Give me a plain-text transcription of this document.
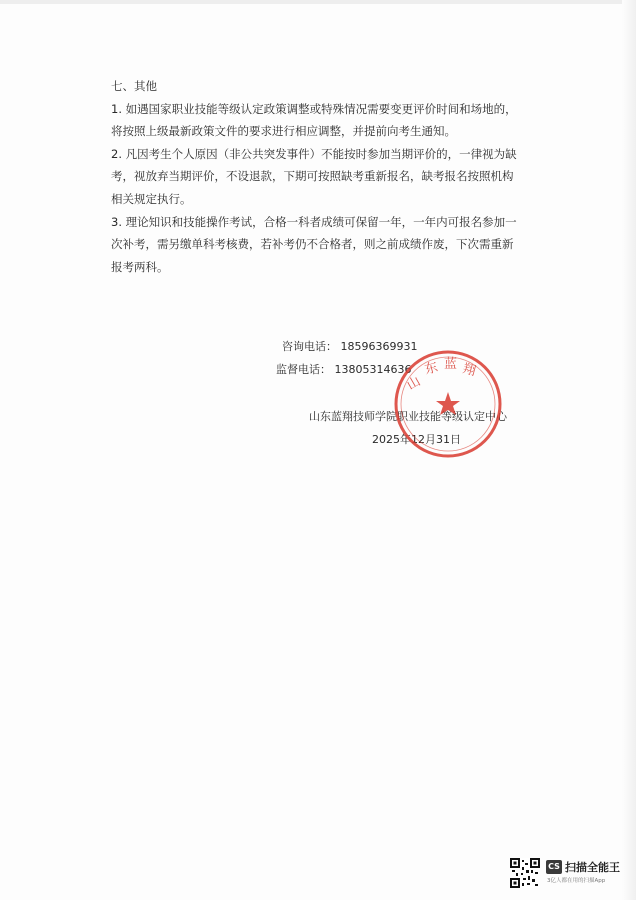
七、其他

1. 如遇国家职业技能等级认定政策调整或特殊情况需要变更评价时间和场地的，

将按照上级最新政策文件的要求进行相应调整，并提前向考生通知。

2. 凡因考生个人原因（非公共突发事件）不能按时参加当期评价的，一律视为缺

考，视放弃当期评价，不设退款，下期可按照缺考重新报名，缺考报名按照机构

相关规定执行。

3. 理论知识和技能操作考试，合格一科者成绩可保留一年，一年内可报名参加一

次补考，需另缴单科考核费，若补考仍不合格者，则之前成绩作废，下次需重新

报考两科。

咨询电话： 18596369931
监督电话： 13805314636
山东蓝翔技师学院职业技能等级认定中心
2025年12月31日
山
东 蓝 翔
CS 扫描全能王
3亿人都在用的扫描App
